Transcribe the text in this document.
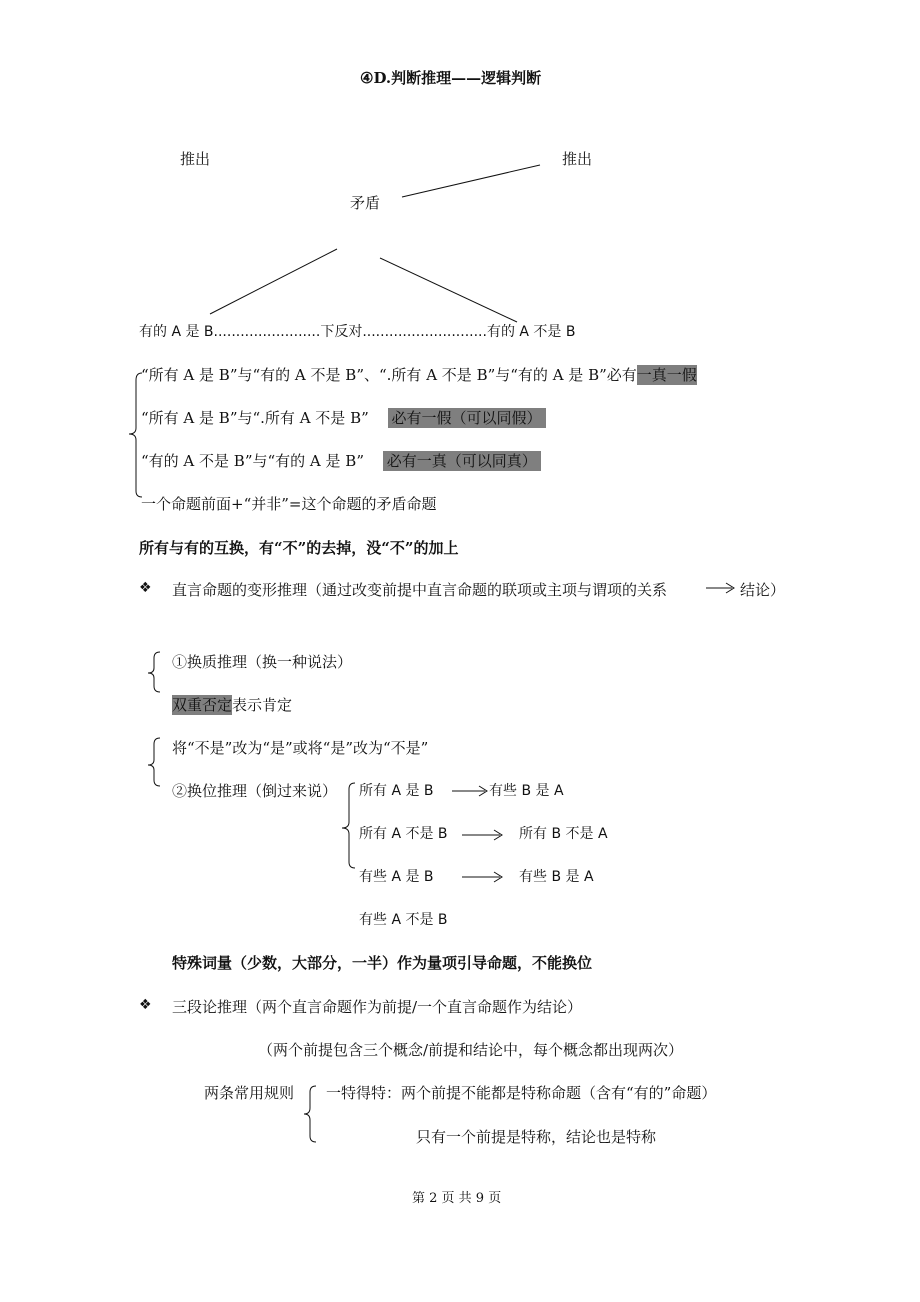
④D.判断推理——逻辑判断
推出	推出
矛盾
有的 A 是 B........................下反对............................有的 A 不是 B
“所有 A 是 B”与“有的 A 不是 B”、“.所有 A 不是 B”与“有的 A 是 B”必有一真一假
“所有 A 是 B”与“.所有 A 不是 B” 必有一假（可以同假）
“有的 A 不是 B”与“有的 A 是 B” 必有一真（可以同真）
一个命题前面+“并非”=这个命题的矛盾命题
所有与有的互换，有“不”的去掉，没“不”的加上
❖ 直言命题的变形推理（通过改变前提中直言命题的联项或主项与谓项的关系	结论）
①换质推理（换一种说法）
双重否定表示肯定
将“不是”改为“是”或将“是”改为“不是”
②换位推理（倒过来说） 所有 A 是 B	有些 B 是 A
所有 A 不是 B	所有 B 不是 A
有些 A 是 B	有些 B 是 A
有些 A 不是 B
特殊词量（少数，大部分，一半）作为量项引导命题，不能换位
❖ 三段论推理（两个直言命题作为前提/一个直言命题作为结论）
（两个前提包含三个概念/前提和结论中，每个概念都出现两次）
两条常用规则 一特得特：两个前提不能都是特称命题（含有“有的”命题）
只有一个前提是特称，结论也是特称
第 2 页 共 9 页
